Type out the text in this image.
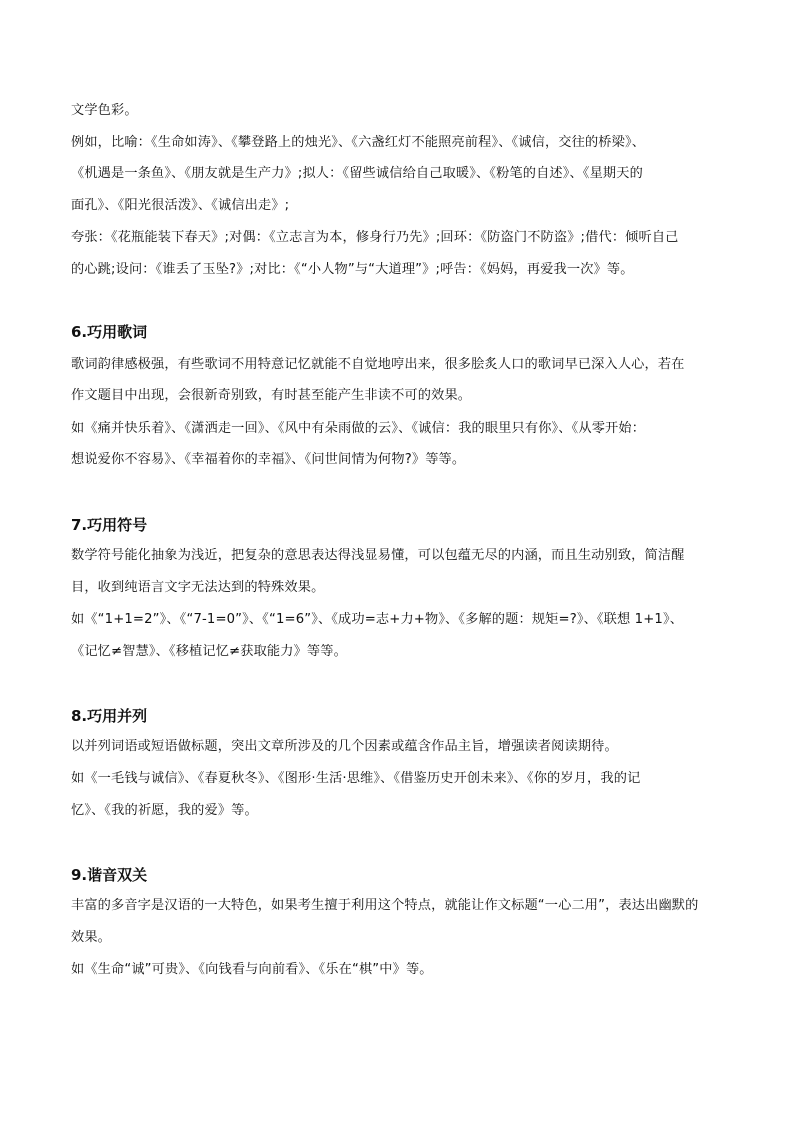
文学色彩。
例如，比喻：《生命如涛》、《攀登路上的烛光》、《六盏红灯不能照亮前程》、《诚信，交往的桥梁》、
《机遇是一条鱼》、《朋友就是生产力》;拟人：《留些诚信给自己取暖》、《粉笔的自述》、《星期天的
面孔》、《阳光很活泼》、《诚信出走》;
夸张：《花瓶能装下春天》;对偶：《立志言为本，修身行乃先》;回环：《防盗门不防盗》;借代：倾听自己
的心跳;设问：《谁丢了玉坠?》;对比：《“小人物”与“大道理”》;呼告：《妈妈，再爱我一次》等。
6.巧用歌词
歌词韵律感极强，有些歌词不用特意记忆就能不自觉地哼出来，很多脍炙人口的歌词早已深入人心，若在
作文题目中出现，会很新奇别致，有时甚至能产生非读不可的效果。
如《痛并快乐着》、《潇洒走一回》、《风中有朵雨做的云》、《诚信：我的眼里只有你》、《从零开始：
想说爱你不容易》、《幸福着你的幸福》、《问世间情为何物?》等等。
7.巧用符号
数学符号能化抽象为浅近，把复杂的意思表达得浅显易懂，可以包蕴无尽的内涵，而且生动别致，简洁醒
目，收到纯语言文字无法达到的特殊效果。
如《“1+1=2”》、《“7-1=0”》、《“1=6”》、《成功=志+力+物》、《多解的题：规矩=?》、《联想 1+1》、
《记忆≠智慧》、《移植记忆≠获取能力》等等。
8.巧用并列
以并列词语或短语做标题，突出文章所涉及的几个因素或蕴含作品主旨，增强读者阅读期待。
如《一毛钱与诚信》、《春夏秋冬》、《图形·生活·思维》、《借鉴历史开创未来》、《你的岁月，我的记
忆》、《我的祈愿，我的爱》等。
9.谐音双关
丰富的多音字是汉语的一大特色，如果考生擅于利用这个特点，就能让作文标题“一心二用”，表达出幽默的
效果。
如《生命“诚”可贵》、《向钱看与向前看》、《乐在“棋”中》等。
